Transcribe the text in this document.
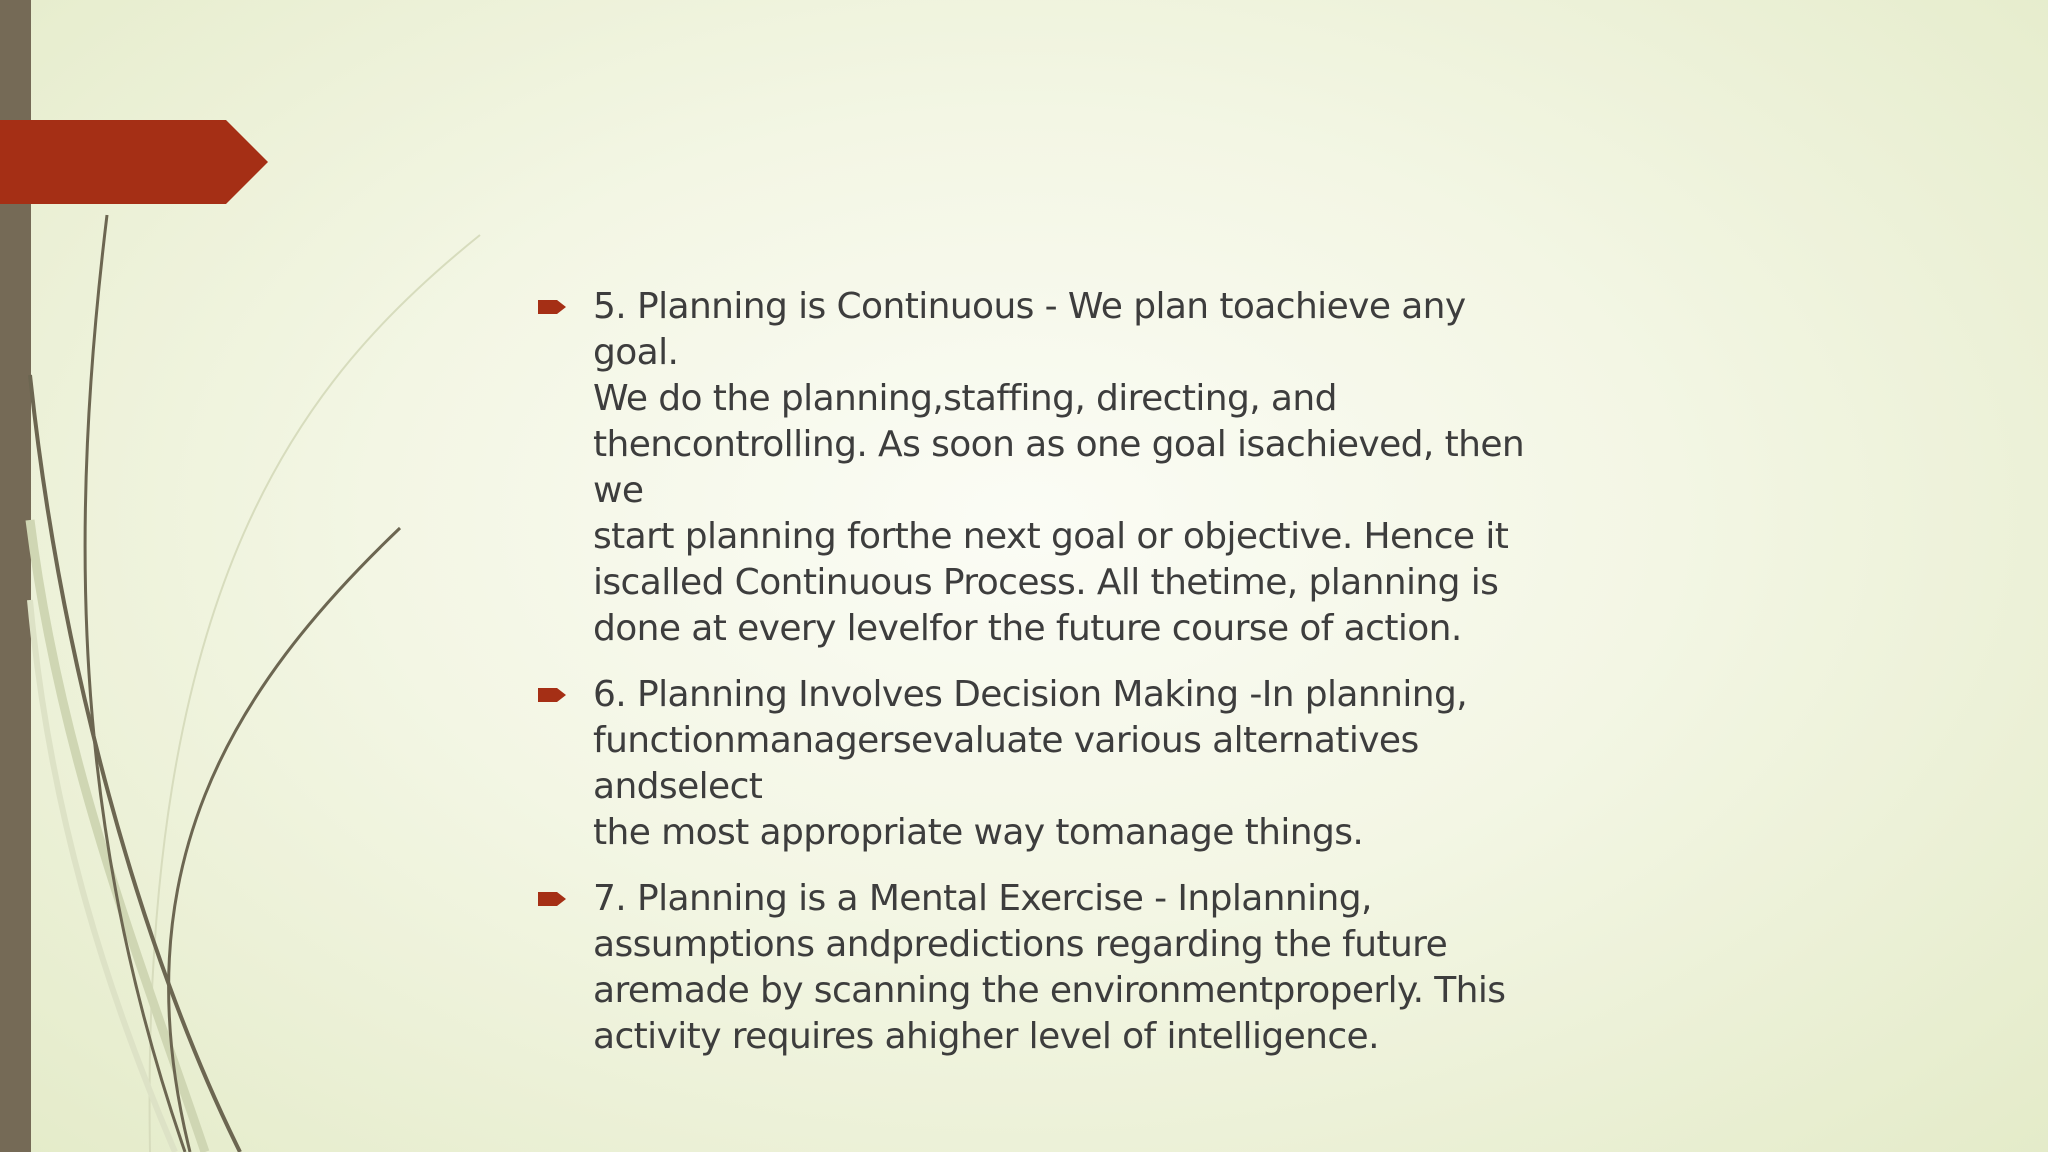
5. Planning is Continuous - We plan toachieve any goal.

We do the planning,staffing, directing, and

thencontrolling. As soon as one goal isachieved, then we

start planning forthe next goal or objective. Hence it

iscalled Continuous Process. All thetime, planning is

done at every levelfor the future course of action.

6. Planning Involves Decision Making -In planning,

functionmanagersevaluate various alternatives andselect

the most appropriate way tomanage things.

7. Planning is a Mental Exercise - Inplanning,

assumptions andpredictions regarding the future

aremade by scanning the environmentproperly. This

activity requires ahigher level of intelligence.
